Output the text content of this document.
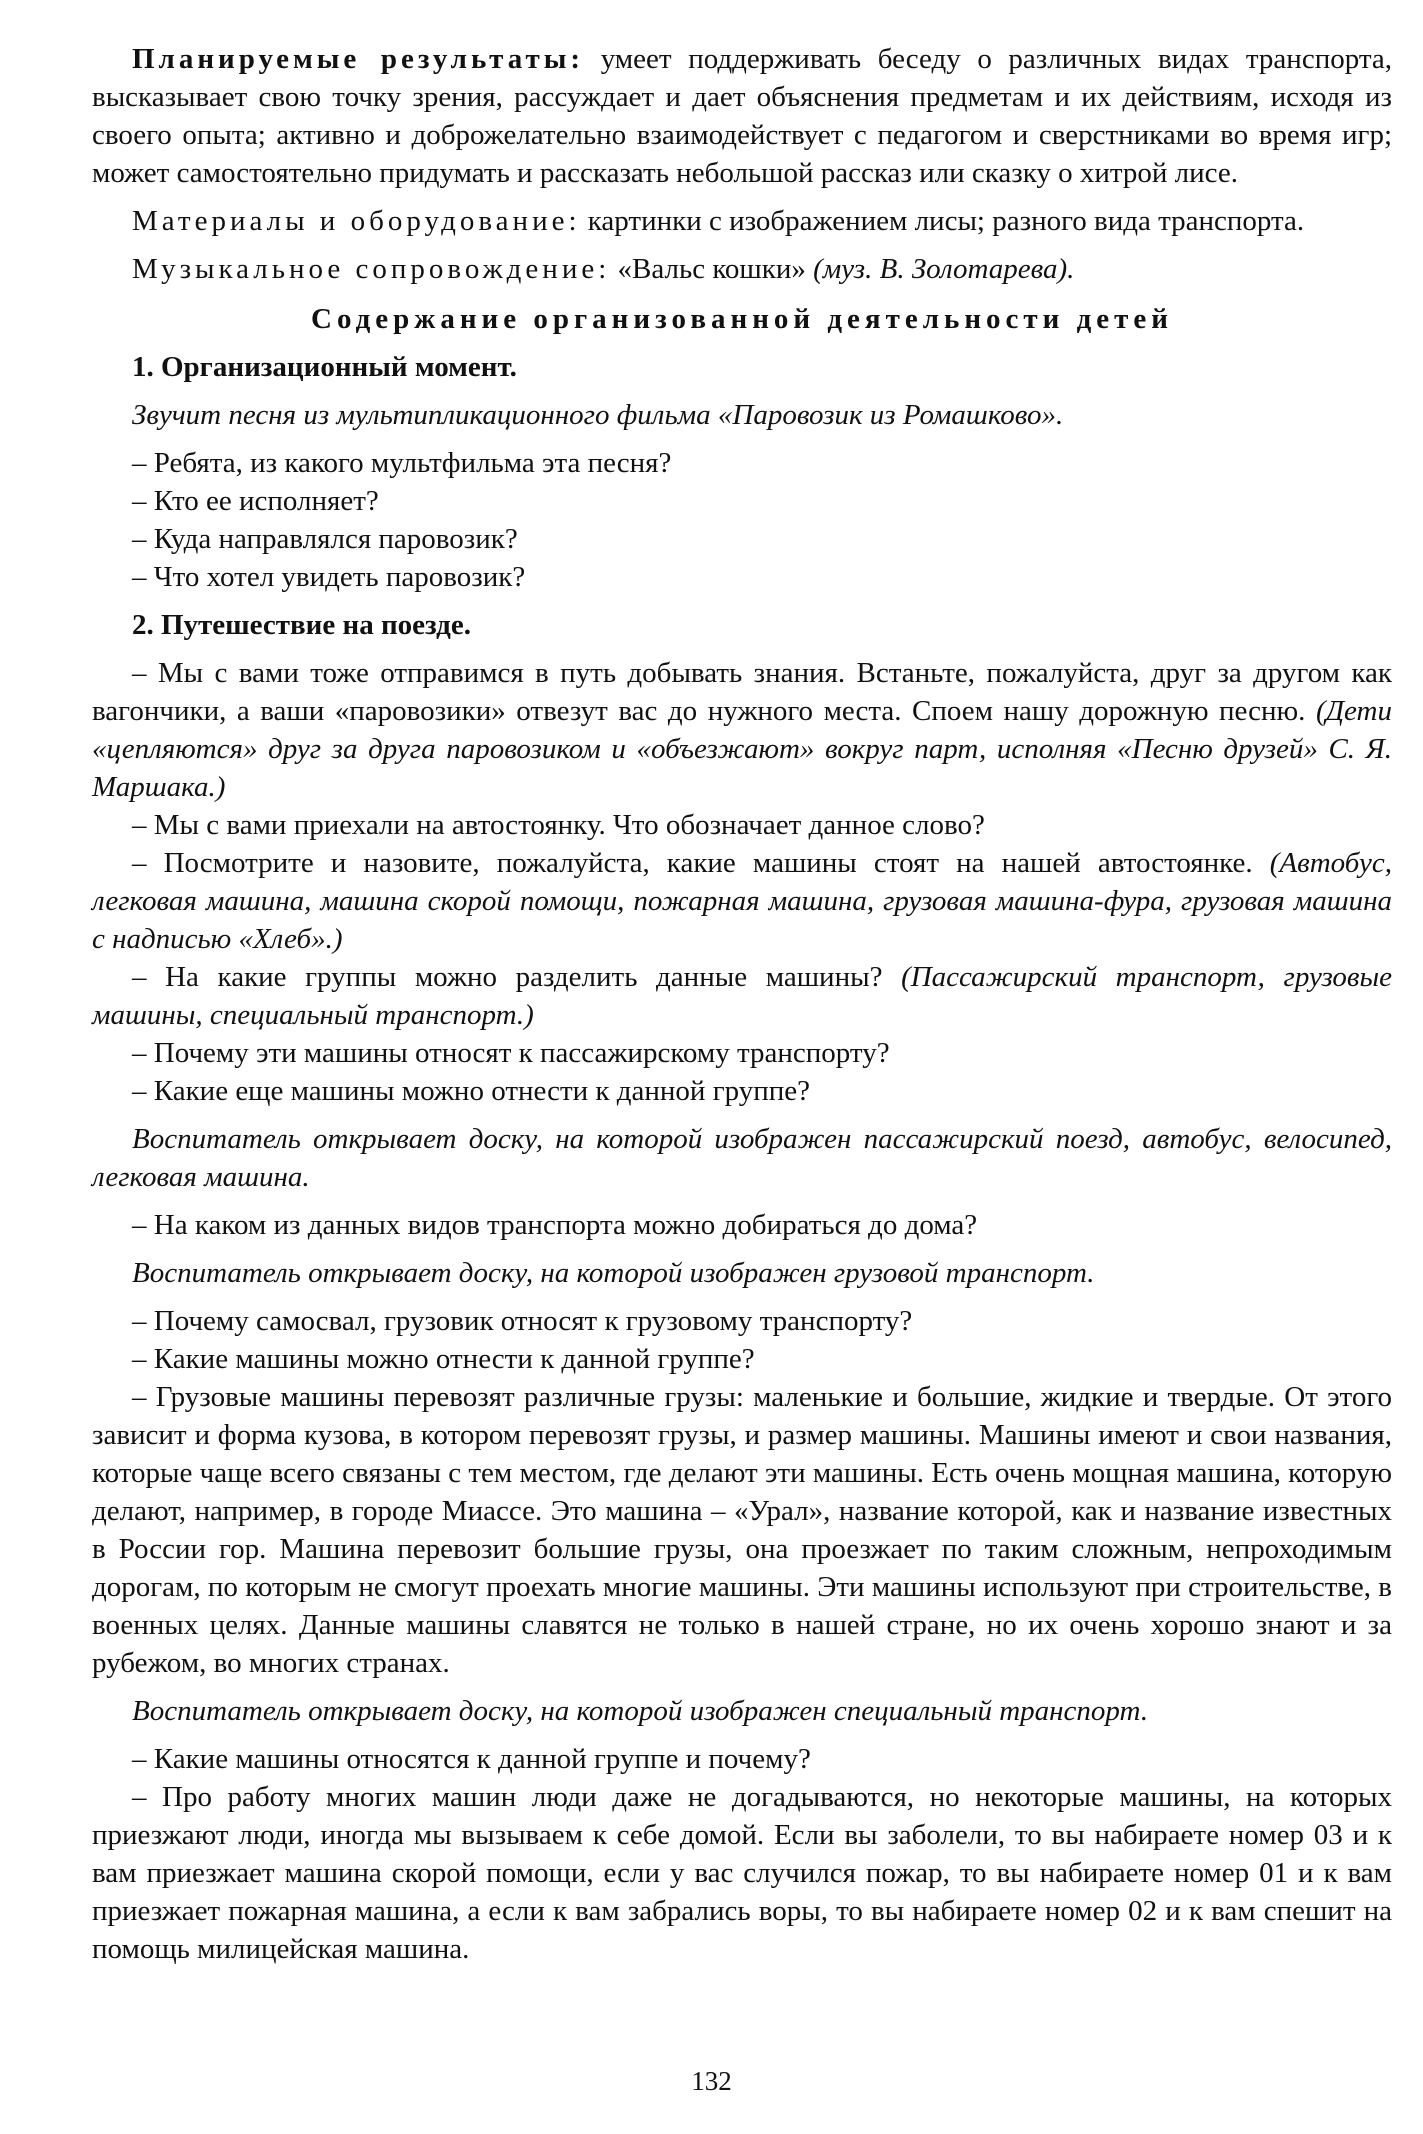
Планируемые результаты: умеет поддерживать беседу о различных видах транспорта, высказывает свою точку зрения, рассуждает и дает объяснения предметам и их действиям, исходя из своего опыта; активно и доброжелательно взаимодействует с педагогом и сверстниками во время игр; может самостоятельно придумать и рассказать небольшой рассказ или сказку о хитрой лисе.

Материалы и оборудование: картинки с изображением лисы; разного вида транспорта.

Музыкальное сопровождение: «Вальс кошки» (муз. В. Золотарева).

Содержание организованной деятельности детей

1. Организационный момент.

Звучит песня из мультипликационного фильма «Паровозик из Ромашково».

– Ребята, из какого мультфильма эта песня?

– Кто ее исполняет?

– Куда направлялся паровозик?

– Что хотел увидеть паровозик?

2. Путешествие на поезде.

– Мы с вами тоже отправимся в путь добывать знания. Встаньте, пожалуйста, друг за другом как вагончики, а ваши «паровозики» отвезут вас до нужного места. Споем нашу дорожную песню. (Дети «цепляются» друг за друга паровозиком и «объезжают» вокруг парт, исполняя «Песню друзей» С. Я. Маршака.)

– Мы с вами приехали на автостоянку. Что обозначает данное слово?

– Посмотрите и назовите, пожалуйста, какие машины стоят на нашей автостоянке. (Автобус, легковая машина, машина скорой помощи, пожарная машина, грузовая машина-фура, грузовая машина с надписью «Хлеб».)

– На какие группы можно разделить данные машины? (Пассажирский транспорт, грузовые машины, специальный транспорт.)

– Почему эти машины относят к пассажирскому транспорту?

– Какие еще машины можно отнести к данной группе?

Воспитатель открывает доску, на которой изображен пассажирский поезд, автобус, велосипед, легковая машина.

– На каком из данных видов транспорта можно добираться до дома?

Воспитатель открывает доску, на которой изображен грузовой транспорт.

– Почему самосвал, грузовик относят к грузовому транспорту?

– Какие машины можно отнести к данной группе?

– Грузовые машины перевозят различные грузы: маленькие и большие, жидкие и твердые. От этого зависит и форма кузова, в котором перевозят грузы, и размер машины. Машины имеют и свои названия, которые чаще всего связаны с тем местом, где делают эти машины. Есть очень мощная машина, которую делают, например, в городе Миассе. Это машина – «Урал», название которой, как и название известных в России гор. Машина перевозит большие грузы, она проезжает по таким сложным, непроходимым дорогам, по которым не смогут проехать многие машины. Эти машины используют при строительстве, в военных целях. Данные машины славятся не только в нашей стране, но их очень хорошо знают и за рубежом, во многих странах.

Воспитатель открывает доску, на которой изображен специальный транспорт.

– Какие машины относятся к данной группе и почему?

– Про работу многих машин люди даже не догадываются, но некоторые машины, на которых приезжают люди, иногда мы вызываем к себе домой. Если вы заболели, то вы набираете номер 03 и к вам приезжает машина скорой помощи, если у вас случился пожар, то вы набираете номер 01 и к вам приезжает пожарная машина, а если к вам забрались воры, то вы набираете номер 02 и к вам спешит на помощь милицейская машина.

132
